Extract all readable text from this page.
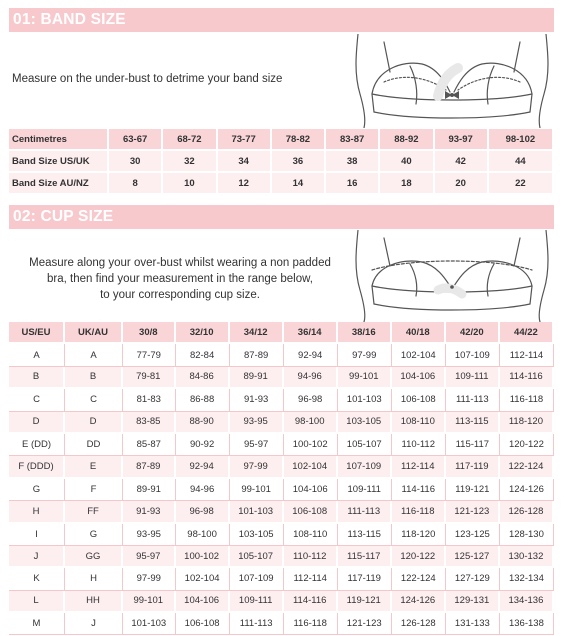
01: BAND SIZE
Measure on the under-bust to detrime your band size
Centimetres	63-67	68-72	73-77	78-82	83-87	88-92	93-97	98-102
Band Size US/UK	30	32	34	36	38	40	42	44
Band Size AU/NZ	8	10	12	14	16	18	20	22
02: CUP SIZE
Measure along your over-bust whilst wearing a non padded
bra, then find your measurement in the range below,
to your corresponding cup size.
US/EU	UK/AU	30/8	32/10	34/12	36/14	38/16	40/18	42/20	44/22
A	A	77-79	82-84	87-89	92-94	97-99	102-104	107-109	112-114
B	B	79-81	84-86	89-91	94-96	99-101	104-106	109-111	114-116
C	C	81-83	86-88	91-93	96-98	101-103	106-108	111-113	116-118
D	D	83-85	88-90	93-95	98-100	103-105	108-110	113-115	118-120
E (DD)	DD	85-87	90-92	95-97	100-102	105-107	110-112	115-117	120-122
F (DDD)	E	87-89	92-94	97-99	102-104	107-109	112-114	117-119	122-124
G	F	89-91	94-96	99-101	104-106	109-111	114-116	119-121	124-126
H	FF	91-93	96-98	101-103	106-108	111-113	116-118	121-123	126-128
I	G	93-95	98-100	103-105	108-110	113-115	118-120	123-125	128-130
J	GG	95-97	100-102	105-107	110-112	115-117	120-122	125-127	130-132
K	H	97-99	102-104	107-109	112-114	117-119	122-124	127-129	132-134
L	HH	99-101	104-106	109-111	114-116	119-121	124-126	129-131	134-136
M	J	101-103	106-108	111-113	116-118	121-123	126-128	131-133	136-138
